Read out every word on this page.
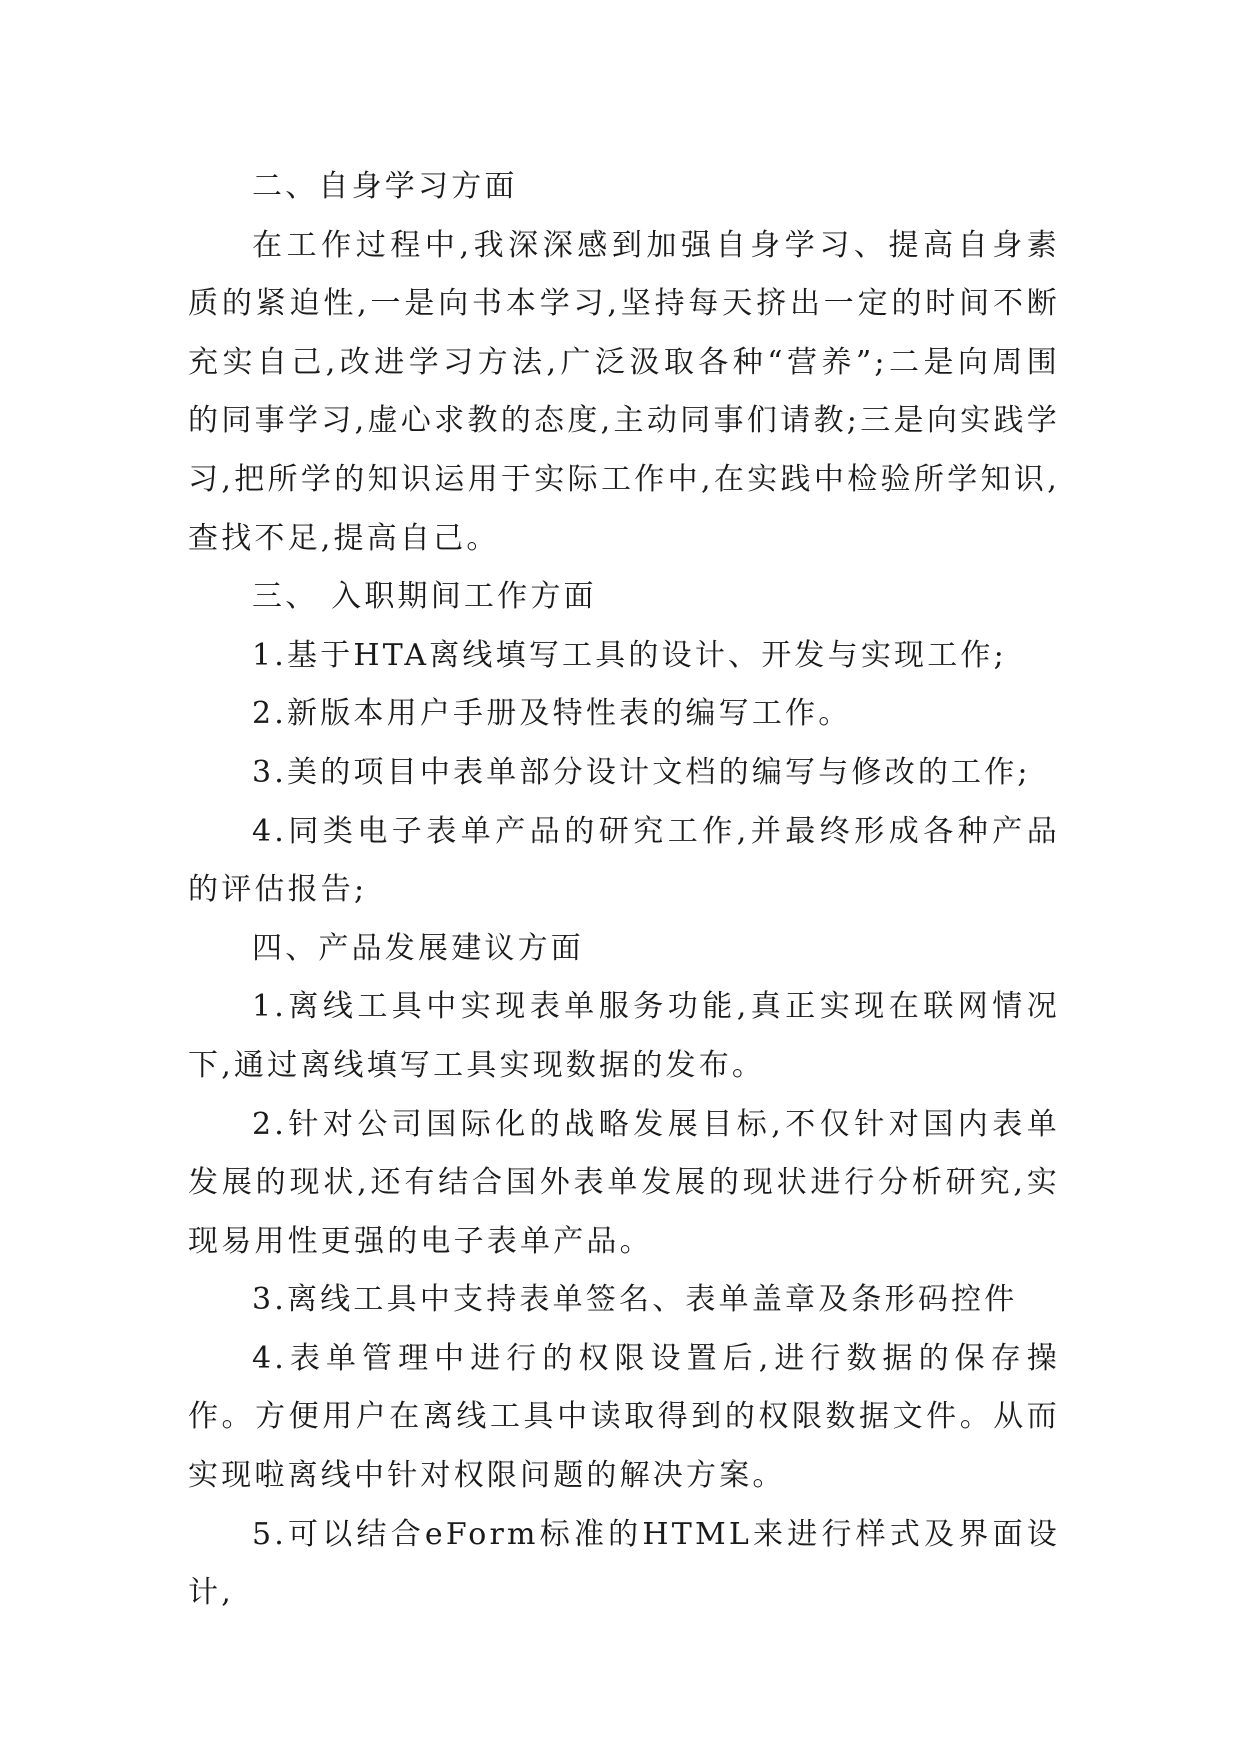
二、自身学习方面

在工作过程中,我深深感到加强自身学习、提高自身素质的紧迫性,一是向书本学习,坚持每天挤出一定的时间不断充实自己,改进学习方法,广泛汲取各种“营养”;二是向周围的同事学习,虚心求教的态度,主动同事们请教;三是向实践学习,把所学的知识运用于实际工作中,在实践中检验所学知识,查找不足,提高自己。

三、 入职期间工作方面

1.基于HTA离线填写工具的设计、开发与实现工作;

2.新版本用户手册及特性表的编写工作。

3.美的项目中表单部分设计文档的编写与修改的工作;

4.同类电子表单产品的研究工作,并最终形成各种产品的评估报告;

四、产品发展建议方面

1.离线工具中实现表单服务功能,真正实现在联网情况下,通过离线填写工具实现数据的发布。

2.针对公司国际化的战略发展目标,不仅针对国内表单发展的现状,还有结合国外表单发展的现状进行分析研究,实现易用性更强的电子表单产品。

3.离线工具中支持表单签名、表单盖章及条形码控件

4.表单管理中进行的权限设置后,进行数据的保存操作。方便用户在离线工具中读取得到的权限数据文件。从而实现啦离线中针对权限问题的解决方案。

5.可以结合eForm标准的HTML来进行样式及界面设计,
